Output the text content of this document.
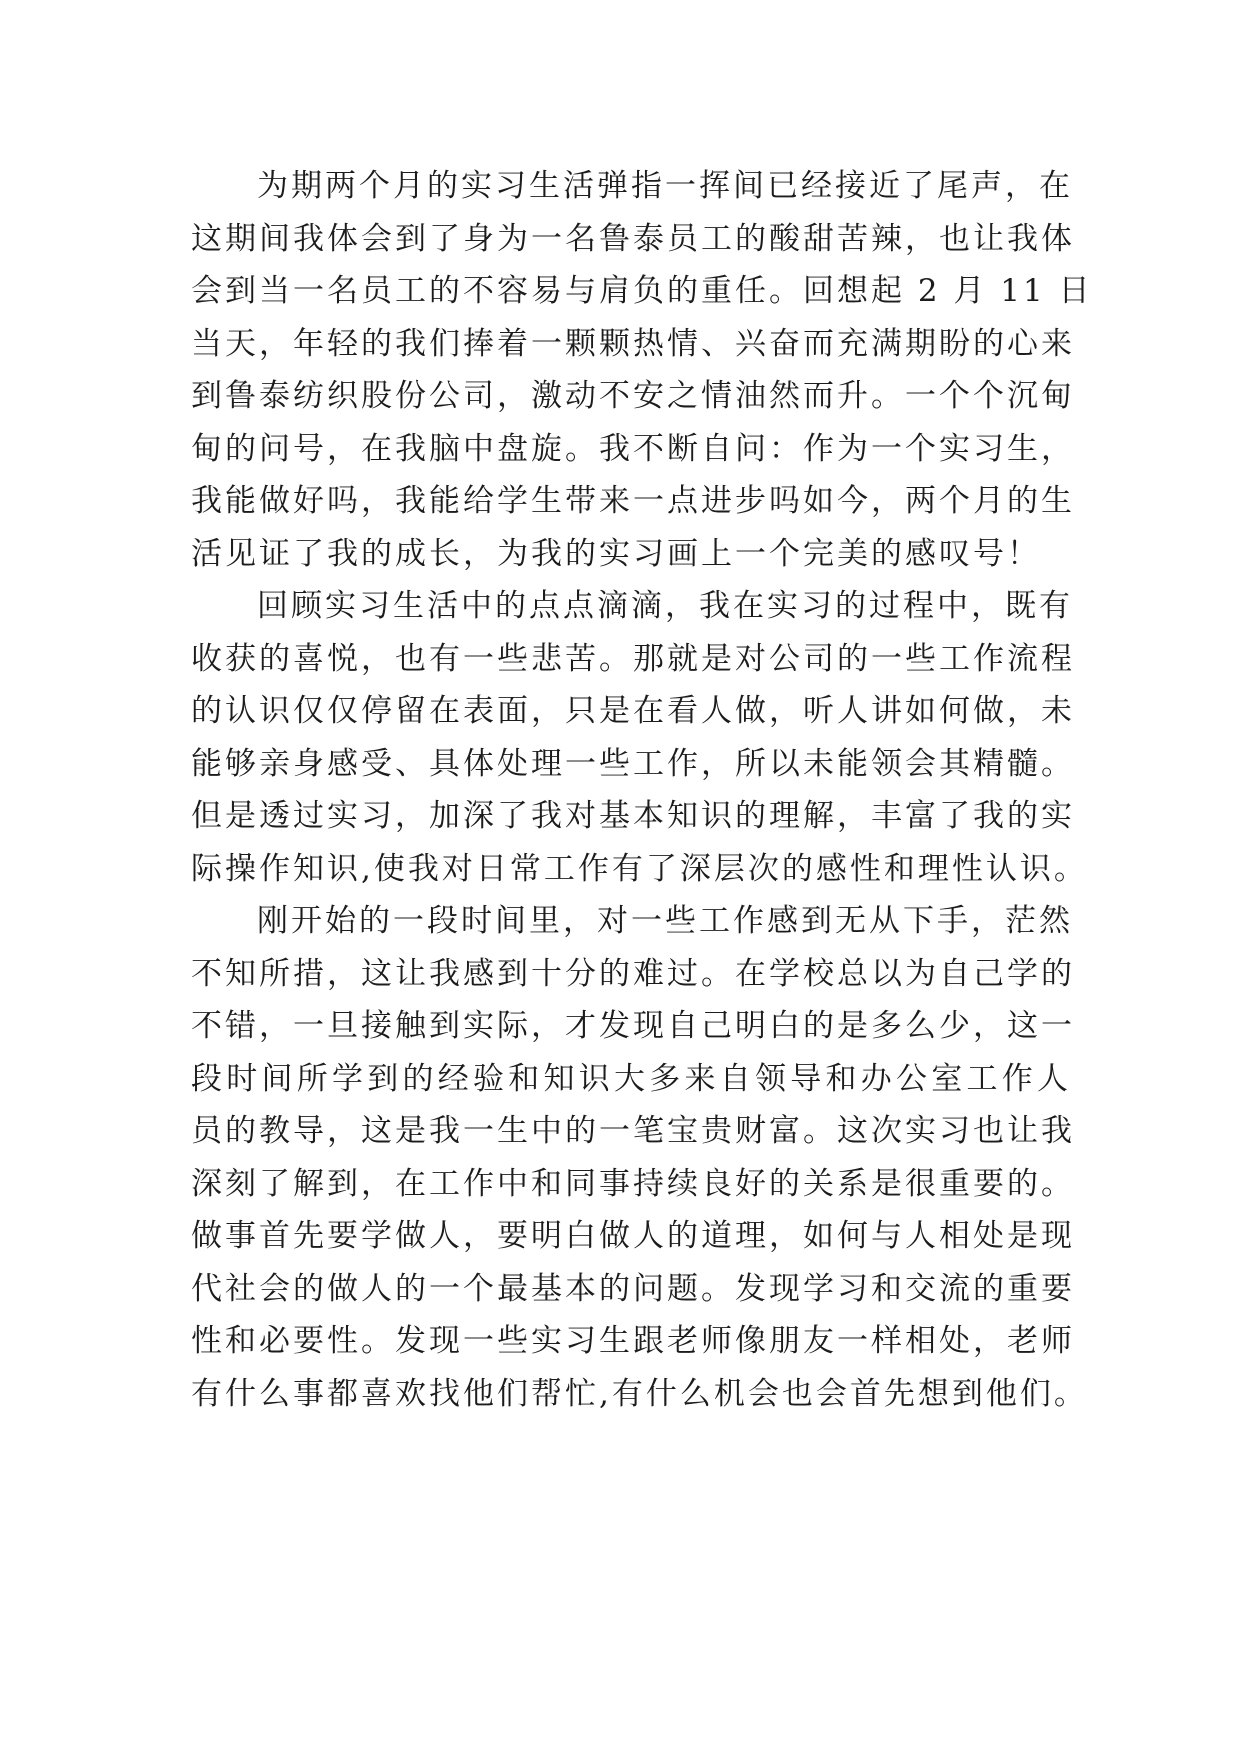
为期两个月的实习生活弹指一挥间已经接近了尾声，在
这期间我体会到了身为一名鲁泰员工的酸甜苦辣，也让我体
会到当一名员工的不容易与肩负的重任。回想起 2 月 11 日
当天，年轻的我们捧着一颗颗热情、兴奋而充满期盼的心来
到鲁泰纺织股份公司，激动不安之情油然而升。一个个沉甸
甸的问号，在我脑中盘旋。我不断自问：作为一个实习生，
我能做好吗，我能给学生带来一点进步吗如今，两个月的生
活见证了我的成长，为我的实习画上一个完美的感叹号！
回顾实习生活中的点点滴滴，我在实习的过程中，既有
收获的喜悦，也有一些悲苦。那就是对公司的一些工作流程
的认识仅仅停留在表面，只是在看人做，听人讲如何做，未
能够亲身感受、具体处理一些工作，所以未能领会其精髓。
但是透过实习，加深了我对基本知识的理解，丰富了我的实
际操作知识,使我对日常工作有了深层次的感性和理性认识。
刚开始的一段时间里，对一些工作感到无从下手，茫然
不知所措，这让我感到十分的难过。在学校总以为自己学的
不错，一旦接触到实际，才发现自己明白的是多么少，这一
段时间所学到的经验和知识大多来自领导和办公室工作人
员的教导，这是我一生中的一笔宝贵财富。这次实习也让我
深刻了解到，在工作中和同事持续良好的关系是很重要的。
做事首先要学做人，要明白做人的道理，如何与人相处是现
代社会的做人的一个最基本的问题。发现学习和交流的重要
性和必要性。发现一些实习生跟老师像朋友一样相处，老师
有什么事都喜欢找他们帮忙,有什么机会也会首先想到他们。
